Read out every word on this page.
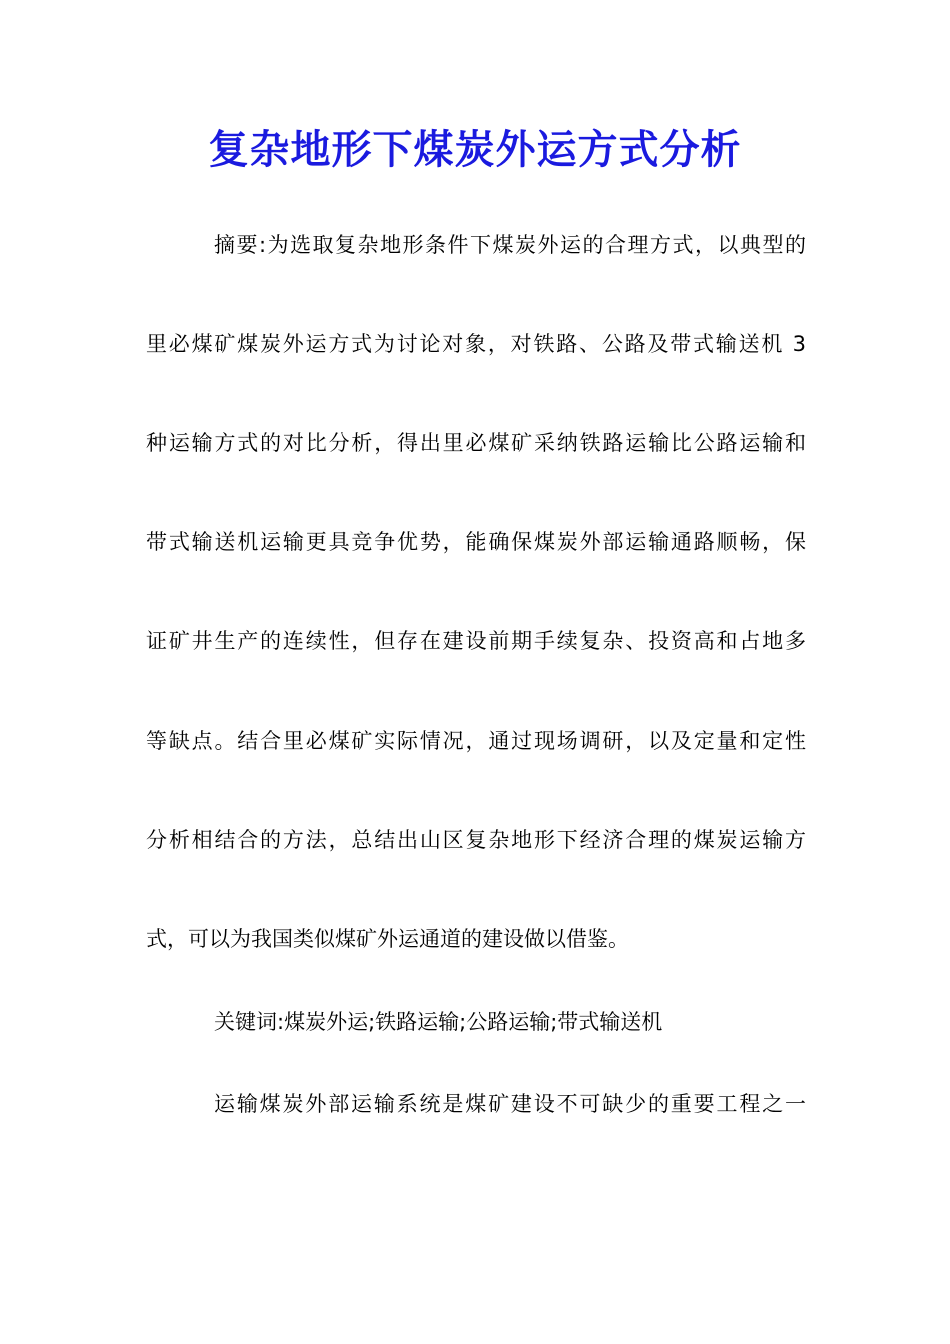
复杂地形下煤炭外运方式分析

摘要:为选取复杂地形条件下煤炭外运的合理方式，以典型的

里必煤矿煤炭外运方式为讨论对象，对铁路、公路及带式输送机 3

种运输方式的对比分析，得出里必煤矿采纳铁路运输比公路运输和

带式输送机运输更具竞争优势，能确保煤炭外部运输通路顺畅，保

证矿井生产的连续性，但存在建设前期手续复杂、投资高和占地多

等缺点。结合里必煤矿实际情况，通过现场调研，以及定量和定性

分析相结合的方法，总结出山区复杂地形下经济合理的煤炭运输方

式，可以为我国类似煤矿外运通道的建设做以借鉴。

关键词:煤炭外运;铁路运输;公路运输;带式输送机

运输煤炭外部运输系统是煤矿建设不可缺少的重要工程之一
